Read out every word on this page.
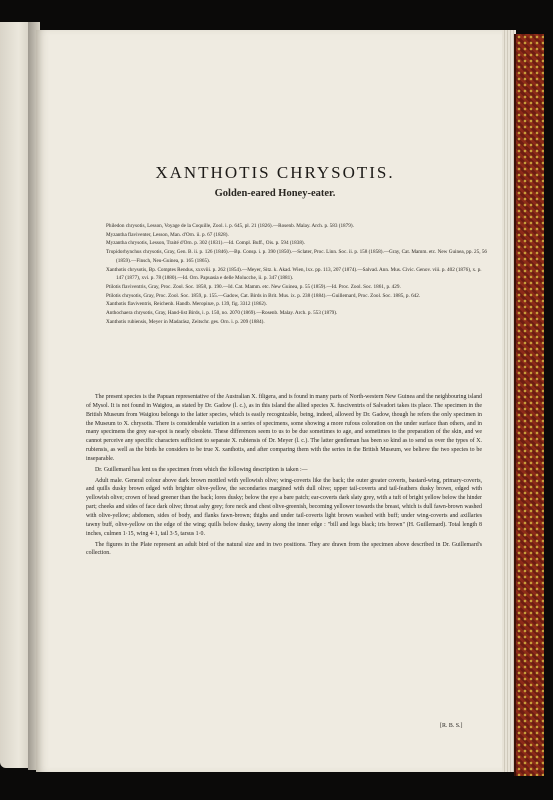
XANTHOTIS CHRYSOTIS.
Golden-eared Honey-eater.

Philedon chrysotis, Lesson, Voyage de la Coquille, Zool. i. p. 645, pl. 21 (1826).—Rosenb. Malay. Arch. p. 583 (1879).

Myzantha flaviventer, Lesson, Man. d'Orn. ii. p. 67 (1828).

Myzantha chrysotis, Lesson, Traité d'Orn. p. 302 (1831).—Id. Compl. Buff., Ois. p. 594 (1838).

Tropidorhynchus chrysotis, Gray, Gen. B. ii. p. 126 (1846).—Bp. Consp. i. p. 390 (1850).—Sclater, Proc. Linn. Soc. ii. p. 158 (1858).—Gray, Cat. Mamm. etc. New Guinea, pp. 25, 56 (1859).—Finsch, Neu-Guinea, p. 165 (1865).

Xanthotis chrysotis, Bp. Comptes Rendus, xxxviii. p. 262 (1854).—Meyer, Sitz. k. Akad. Wien, lxx. pp. 113, 207 (1874).—Salvad. Ann. Mus. Civic. Genov. viii. p. 402 (1876), x. p. 147 (1877), xvi. p. 78 (1880).—Id. Orn. Papuasia e delle Molucche, ii. p. 347 (1881).

Ptilotis flaviventris, Gray, Proc. Zool. Soc. 1858, p. 190.—Id. Cat. Mamm. etc. New Guinea, p. 55 (1859).—Id. Proc. Zool. Soc. 1861, p. 429.

Ptilotis chrysotis, Gray, Proc. Zool. Soc. 1859, p. 155.—Gadow, Cat. Birds in Brit. Mus. ix. p. 238 (1884).—Guillemard, Proc. Zool. Soc. 1885, p. 642.

Xanthotis flaviventris, Reichenb. Handb. Meropinæ, p. 139, fig. 3312 (1862).

Anthochaera chrysotis, Gray, Hand-list Birds, i. p. 150, no. 2070 (1869).—Rosenb. Malay. Arch. p. 553 (1879).

Xanthotis rubiensis, Meyer in Madarász, Zeitschr. ges. Orn. i. p. 209 (1884).

The present species is the Papuan representative of the Australian X. filigera, and is found in many parts of North-western New Guinea and the neighbouring island of Mysol. It is not found in Waigiou, as stated by Dr. Gadow (l. c.), as in this island the allied species X. fusciventris of Salvadori takes its place. The specimen in the British Museum from Waigiou belongs to the latter species, which is easily recognizable, being, indeed, allowed by Dr. Gadow, though he refers the only specimen in the Museum to X. chrysotis. There is considerable variation in a series of specimens, some showing a more rufous coloration on the under surface than others, and in many specimens the grey ear-spot is nearly obsolete. These differences seem to us to be due sometimes to age, and sometimes to the preparation of the skin, and we cannot perceive any specific characters sufficient to separate X. rubiensis of Dr. Meyer (l. c.). The latter gentleman has been so kind as to send us over the types of X. rubiensis, as well as the birds he considers to be true X. xanthotis, and after comparing them with the series in the British Museum, we believe the two species to be inseparable.

Dr. Guillemard has lent us the specimen from which the following description is taken :—

Adult male. General colour above dark brown mottled with yellowish olive; wing-coverts like the back; the outer greater coverts, bastard-wing, primary-coverts, and quills dusky brown edged with brighter olive-yellow, the secondaries margined with dull olive; upper tail-coverts and tail-feathers dusky brown, edged with yellowish olive; crown of head greener than the back; lores dusky; below the eye a bare patch; ear-coverts dark slaty grey, with a tuft of bright yellow below the hinder part; cheeks and sides of face dark olive; throat ashy grey; fore neck and chest olive-greenish, becoming yellower towards the breast, which is dull fawn-brown washed with olive-yellow; abdomen, sides of body, and flanks fawn-brown; thighs and under tail-coverts light brown washed with buff; under wing-coverts and axillaries tawny buff, olive-yellow on the edge of the wing; quills below dusky, tawny along the inner edge : "bill and legs black; iris brown" (H. Guillemard). Total length 8 inches, culmen 1·15, wing 4·1, tail 3·5, tarsus 1·0.

The figures in the Plate represent an adult bird of the natural size and in two positions. They are drawn from the specimen above described in Dr. Guillemard's collection.

[R. B. S.]
